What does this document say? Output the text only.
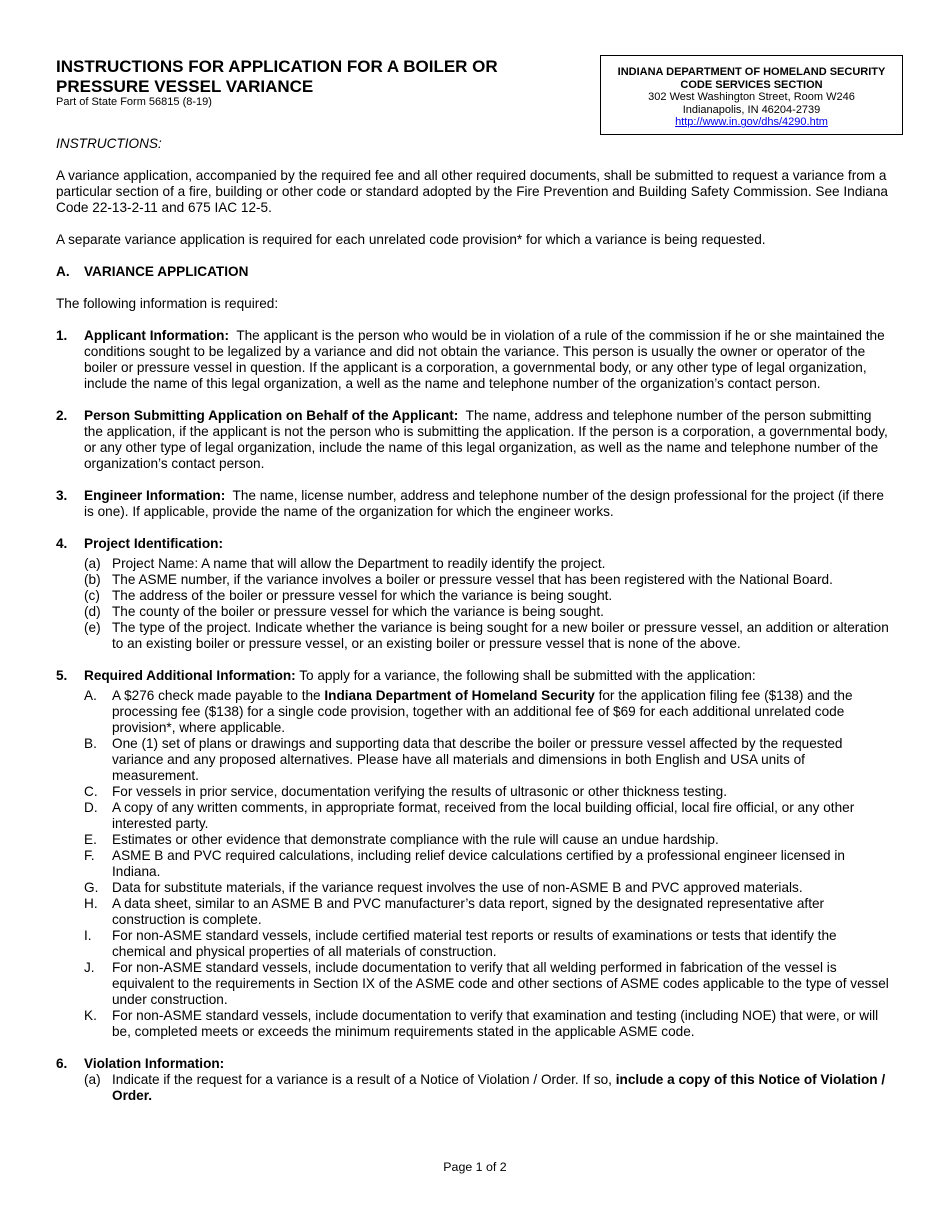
INSTRUCTIONS FOR APPLICATION FOR A BOILER OR

PRESSURE VESSEL VARIANCE

Part of State Form 56815 (8-19)

INDIANA DEPARTMENT OF HOMELAND SECURITY
CODE SERVICES SECTION
302 West Washington Street, Room W246
Indianapolis, IN 46204-2739
http://www.in.gov/dhs/4290.htm

INSTRUCTIONS:

A variance application, accompanied by the required fee and all other required documents, shall be submitted to request a variance from a particular section of a fire, building or other code or standard adopted by the Fire Prevention and Building Safety Commission. See Indiana Code 22-13-2-11 and 675 IAC 12-5.

A separate variance application is required for each unrelated code provision* for which a variance is being requested.

A.	VARIANCE APPLICATION

The following information is required:

1.	Applicant Information: The applicant is the person who would be in violation of a rule of the commission if he or she maintained the conditions sought to be legalized by a variance and did not obtain the variance. This person is usually the owner or operator of the boiler or pressure vessel in question. If the applicant is a corporation, a governmental body, or any other type of legal organization, include the name of this legal organization, a well as the name and telephone number of the organization’s contact person.
2.	Person Submitting Application on Behalf of the Applicant: The name, address and telephone number of the person submitting the application, if the applicant is not the person who is submitting the application. If the person is a corporation, a governmental body, or any other type of legal organization, include the name of this legal organization, as well as the name and telephone number of the organization’s contact person.
3.	Engineer Information: The name, license number, address and telephone number of the design professional for the project (if there is one). If applicable, provide the name of the organization for which the engineer works.
4.	Project Identification:
(a) Project Name: A name that will allow the Department to readily identify the project.
(b) The ASME number, if the variance involves a boiler or pressure vessel that has been registered with the National Board.
(c) The address of the boiler or pressure vessel for which the variance is being sought.
(d) The county of the boiler or pressure vessel for which the variance is being sought.
(e) The type of the project. Indicate whether the variance is being sought for a new boiler or pressure vessel, an addition or alteration to an existing boiler or pressure vessel, or an existing boiler or pressure vessel that is none of the above.
5.	Required Additional Information: To apply for a variance, the following shall be submitted with the application:
A.	A $276 check made payable to the Indiana Department of Homeland Security for the application filing fee ($138) and the processing fee ($138) for a single code provision, together with an additional fee of $69 for each additional unrelated code provision*, where applicable.
B.	One (1) set of plans or drawings and supporting data that describe the boiler or pressure vessel affected by the requested variance and any proposed alternatives. Please have all materials and dimensions in both English and USA units of measurement.
C.	For vessels in prior service, documentation verifying the results of ultrasonic or other thickness testing.
D.	A copy of any written comments, in appropriate format, received from the local building official, local fire official, or any other interested party.
E.	Estimates or other evidence that demonstrate compliance with the rule will cause an undue hardship.
F.	ASME B and PVC required calculations, including relief device calculations certified by a professional engineer licensed in Indiana.
G.	Data for substitute materials, if the variance request involves the use of non-ASME B and PVC approved materials.
H.	A data sheet, similar to an ASME B and PVC manufacturer’s data report, signed by the designated representative after construction is complete.
I.	For non-ASME standard vessels, include certified material test reports or results of examinations or tests that identify the chemical and physical properties of all materials of construction.
J.	For non-ASME standard vessels, include documentation to verify that all welding performed in fabrication of the vessel is equivalent to the requirements in Section IX of the ASME code and other sections of ASME codes applicable to the type of vessel under construction.
K.	For non-ASME standard vessels, include documentation to verify that examination and testing (including NOE) that were, or will be, completed meets or exceeds the minimum requirements stated in the applicable ASME code.
6.	Violation Information:
(a) Indicate if the request for a variance is a result of a Notice of Violation / Order. If so, include a copy of this Notice of Violation / Order.
Page 1 of 2
